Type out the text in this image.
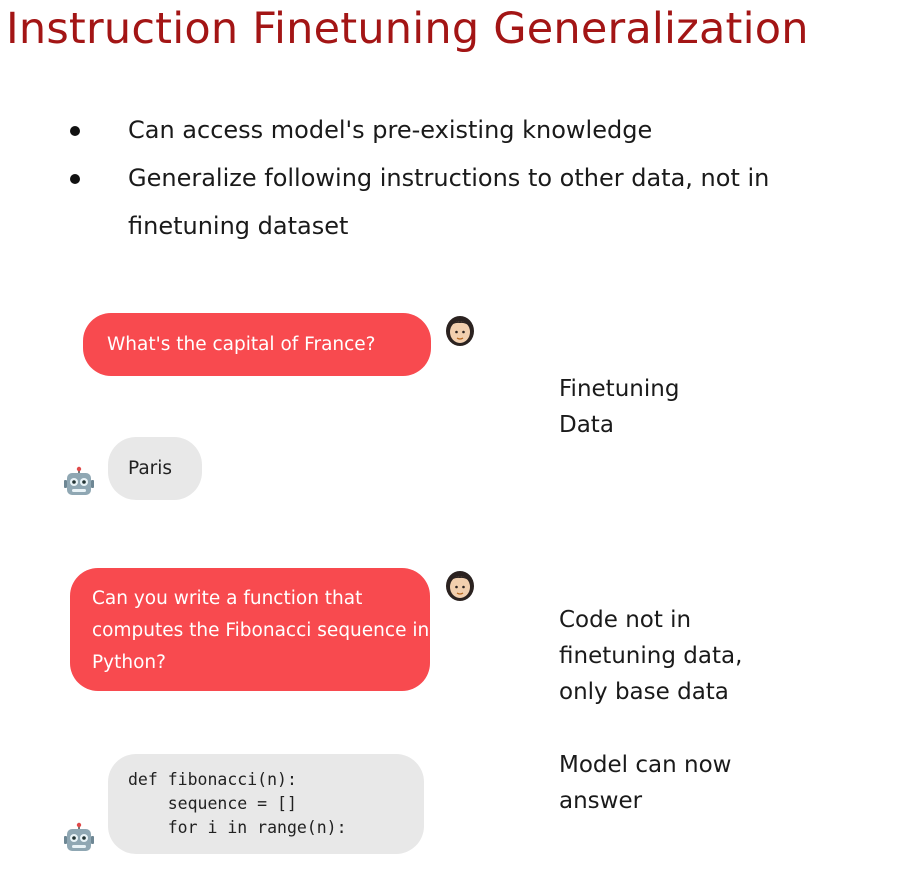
Instruction Finetuning Generalization
Can access model's pre-existing knowledge
Generalize following instructions to other data, not in finetuning dataset
What's the capital of France?
Paris
Finetuning
Data
Can you write a function that computes the Fibonacci sequence in Python?
Code not in
finetuning data,
only base data
def fibonacci(n):
sequence = []
for i in range(n):
Model can now
answer
